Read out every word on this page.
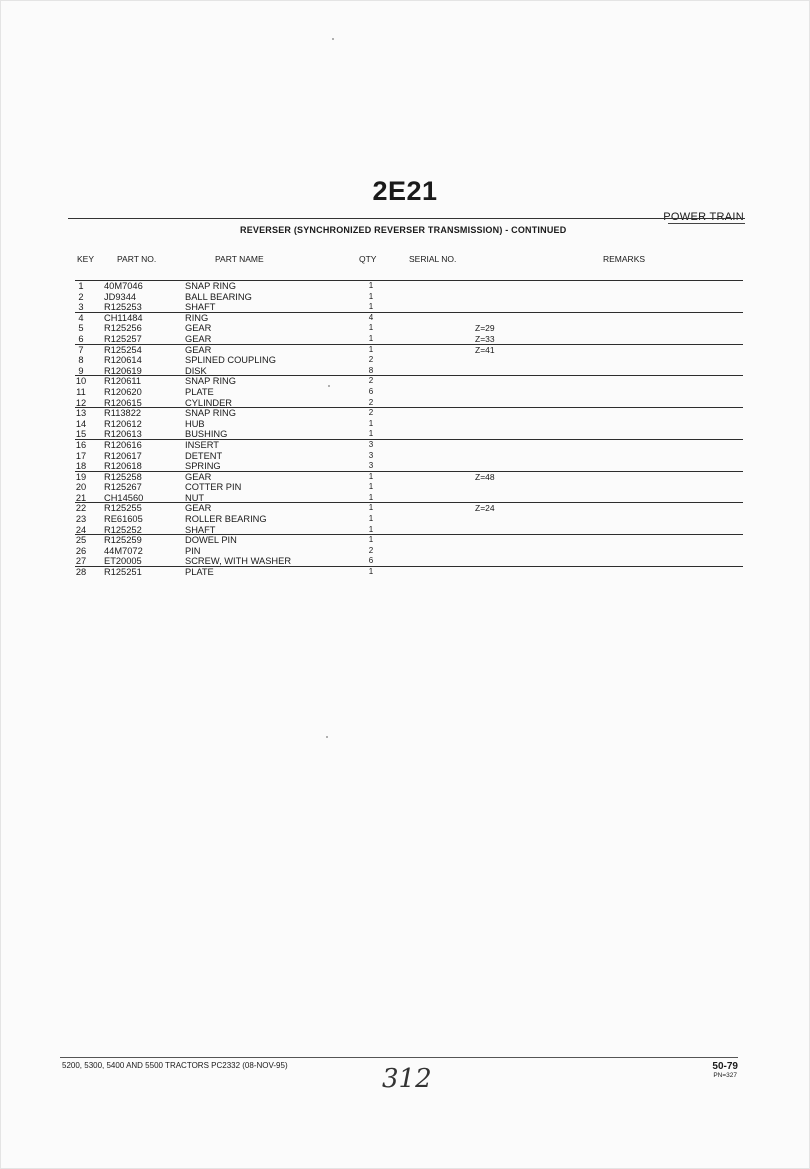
2E21
POWER TRAIN
REVERSER (SYNCHRONIZED REVERSER TRANSMISSION) - CONTINUED
KEY	PART NO.	PART NAME	QTY	SERIAL NO.	REMARKS
1	40M7046	SNAP RING	1
2	JD9344	BALL BEARING	1
3	R125253	SHAFT	1
4	CH11484	RING	4
5	R125256	GEAR	1	Z=29
6	R125257	GEAR	1	Z=33
7	R125254	GEAR	1	Z=41
8	R120614	SPLINED COUPLING	2
9	R120619	DISK	8
10	R120611	SNAP RING	2
11	R120620	PLATE	6
12	R120615	CYLINDER	2
13	R113822	SNAP RING	2
14	R120612	HUB	1
15	R120613	BUSHING	1
16	R120616	INSERT	3
17	R120617	DETENT	3
18	R120618	SPRING	3
19	R125258	GEAR	1	Z=48
20	R125267	COTTER PIN	1
21	CH14560	NUT	1
22	R125255	GEAR	1	Z=24
23	RE61605	ROLLER BEARING	1
24	R125252	SHAFT	1
25	R125259	DOWEL PIN	1
26	44M7072	PIN	2
27	ET20005	SCREW, WITH WASHER	6
28	R125251	PLATE	1
5200, 5300, 5400 AND 5500 TRACTORS PC2332 (08-NOV-95)	50-79
PN=327
312
